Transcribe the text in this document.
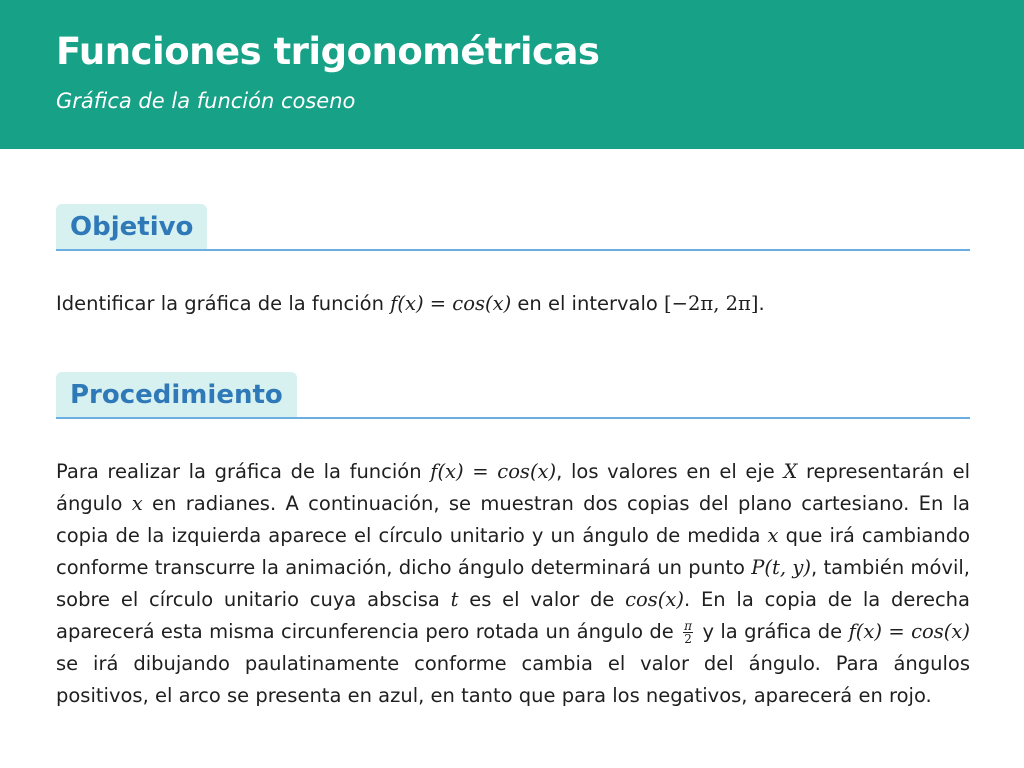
Funciones trigonométricas
Gráfica de la función coseno
Objetivo
Identificar la gráfica de la función f(x) = cos(x) en el intervalo [−2π, 2π].
Procedimiento
Para realizar la gráfica de la función f(x) = cos(x), los valores en el eje X representarán el ángulo x en radianes. A continuación, se muestran dos copias del plano cartesiano. En la copia de la izquierda aparece el círculo unitario y un ángulo de medida x que irá cambiando conforme transcurre la animación, dicho ángulo determinará un punto P(t, y), también móvil, sobre el círculo unitario cuya abscisa t es el valor de cos(x). En la copia de la derecha aparecerá esta misma circunferencia pero rotada un ángulo de $\frac{\pi}{2}$ y la gráfica de f(x) = cos(x) se irá dibujando paulatinamente conforme cambia el valor del ángulo. Para ángulos positivos, el arco se presenta en azul, en tanto que para los negativos, aparecerá en rojo.
